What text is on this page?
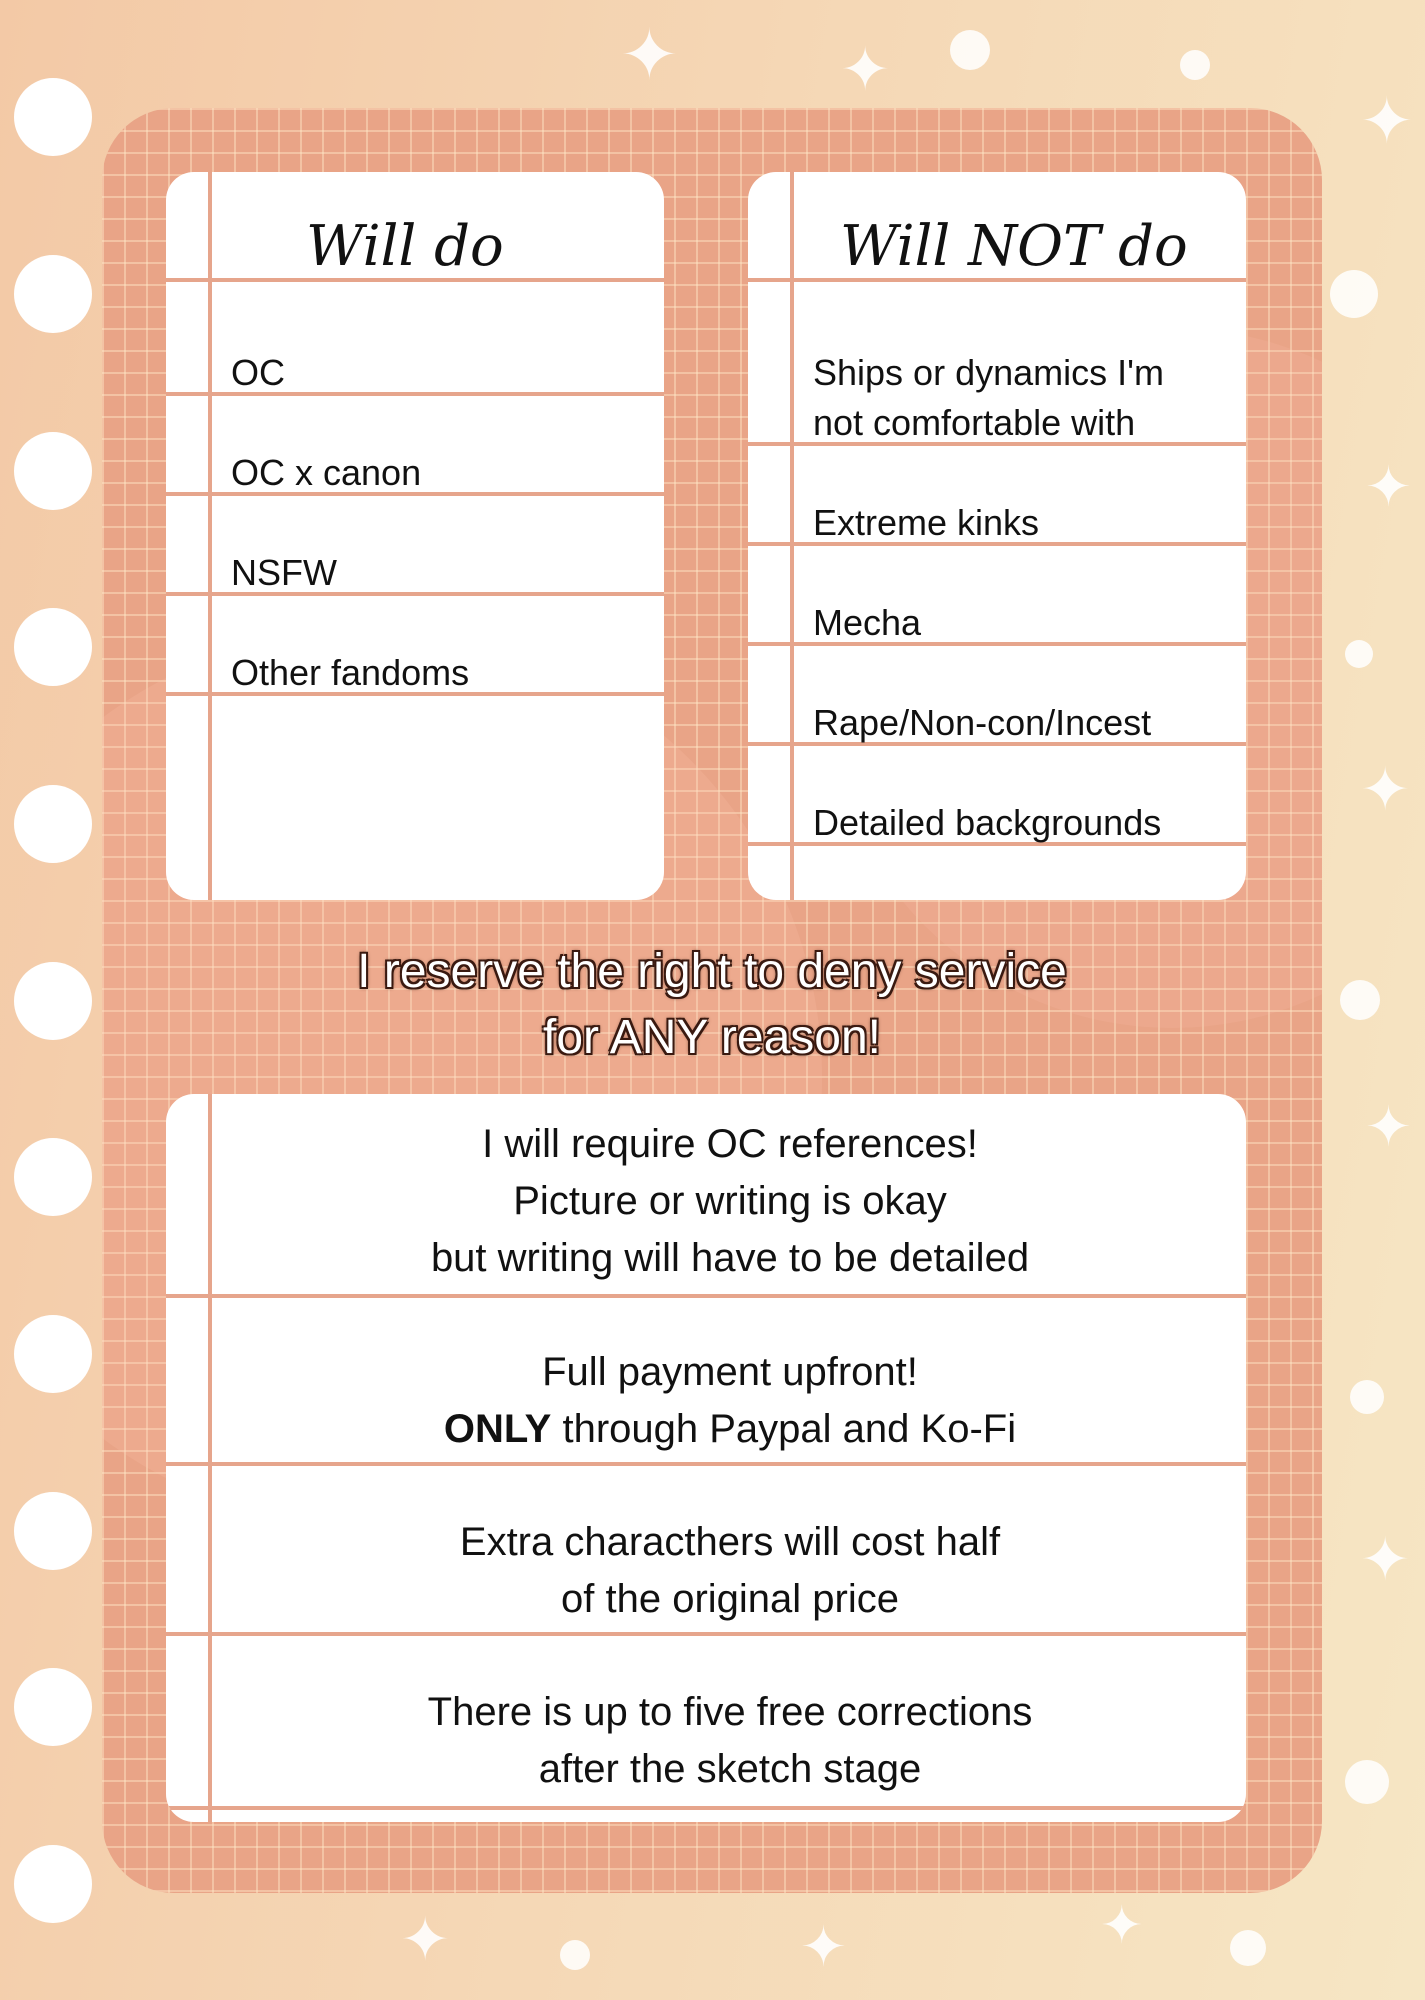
✦	✦
✦
✦
✦
✦
✦
✦	✦	✦
Will do
OC
OC x canon
NSFW
Other fandoms
Will NOT do
Ships or dynamics I'm
not comfortable with
Extreme kinks
Mecha
Rape/Non-con/Incest
Detailed backgrounds
I reserve the right to deny service
for ANY reason!
I will require OC references!
Picture or writing is okay
but writing will have to be detailed
Full payment upfront!
ONLY through Paypal and Ko-Fi
Extra characthers will cost half
of the original price
There is up to five free corrections
after the sketch stage
